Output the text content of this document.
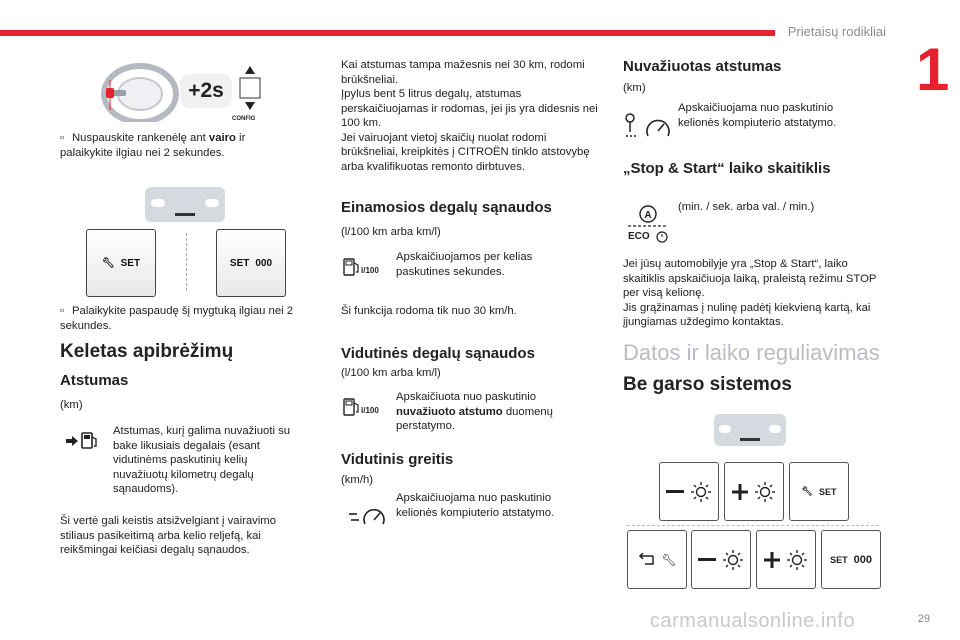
Prietaisų rodikliai
1
29
carmanualsonline.info
+2s
CONFIG
▫ Nuspauskite rankenėlę ant vairo ir palaikykite ilgiau nei 2 sekundes.
🔧︎ SET	SET 000
▫ Palaikykite paspaudę šį mygtuką ilgiau nei 2 sekundes.
Keletas apibrėžimų
Atstumas
(km)
Atstumas, kurį galima nuvažiuoti su bake likusiais degalais (esant vidutinėms paskutinių kelių nuvažiuotų kilometrų degalų sąnaudoms).
Ši vertė gali keistis atsižvelgiant į vairavimo stiliaus pasikeitimą arba kelio reljefą, kai reikšmingai keičiasi degalų sąnaudos.
Kai atstumas tampa mažesnis nei 30 km, rodomi brūkšneliai.
Įpylus bent 5 litrus degalų, atstumas perskaičiuojamas ir rodomas, jei jis yra didesnis nei 100 km.
Jei vairuojant vietoj skaičių nuolat rodomi brūkšneliai, kreipkitės į CITROËN tinklo atstovybę arba kvalifikuotas remonto dirbtuves.
Einamosios degalų sąnaudos
(l/100 km arba km/l)
l/100
Apskaičiuojamos per kelias paskutines sekundes.
Ši funkcija rodoma tik nuo 30 km/h.
Vidutinės degalų sąnaudos
(l/100 km arba km/l)
l/100
Apskaičiuota nuo paskutinio nuvažiuoto atstumo duomenų perstatymo.
Vidutinis greitis
(km/h)
Apskaičiuojama nuo paskutinio kelionės kompiuterio atstatymo.
Nuvažiuotas atstumas
(km)
Apskaičiuojama nuo paskutinio kelionės kompiuterio atstatymo.
„Stop & Start“ laiko skaitiklis
A
ECO
(min. / sek. arba val. / min.)
Jei jūsų automobilyje yra „Stop & Start“, laiko skaitiklis apskaičiuoja laiką, praleistą režimu STOP per visą kelionę.
Jis grąžinamas į nulinę padėtį kiekvieną kartą, kai įjungiamas uždegimo kontaktas.
Datos ir laiko reguliavimas
Be garso sistemos
🔧︎ SET
🔧︎	SET 000
